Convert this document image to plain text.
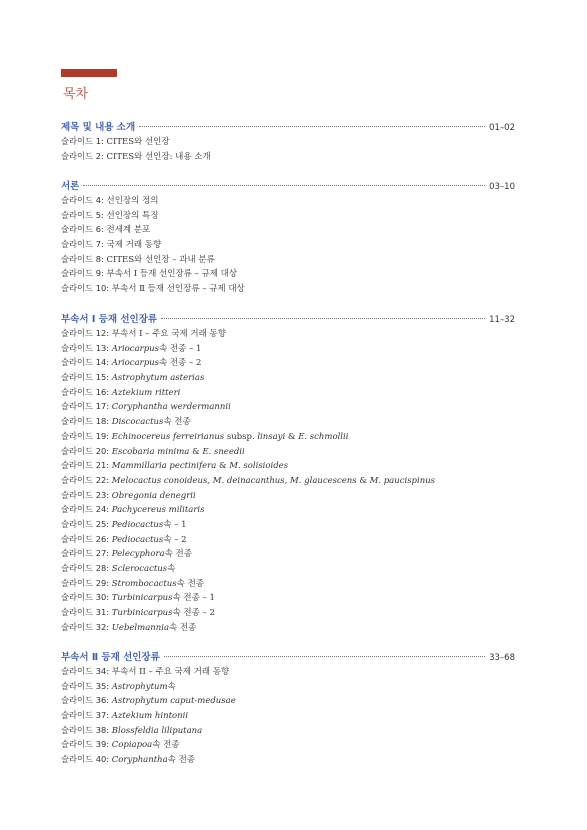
목차
제목 및 내용 소개	01–02
슬라이드 1: CITES와 선인장
슬라이드 2: CITES와 선인장: 내용 소개
서론	03–10
슬라이드 4: 선인장의 정의
슬라이드 5: 선인장의 특징
슬라이드 6: 전세계 분포
슬라이드 7: 국제 거래 동향
슬라이드 8: CITES와 선인장 – 과내 분류
슬라이드 9: 부속서 Ⅰ 등재 선인장류 – 규제 대상
슬라이드 10: 부속서 Ⅱ 등재 선인장류 – 규제 대상
부속서 Ⅰ 등재 선인장류	11–32
슬라이드 12: 부속서 I – 주요 국제 거래 동향
슬라이드 13: Ariocarpus속 전종 – 1
슬라이드 14: Ariocarpus속 전종 – 2
슬라이드 15: Astrophytum asterias
슬라이드 16: Aztekium ritteri
슬라이드 17: Coryphantha werdermannii
슬라이드 18: Discocactus속 전종
슬라이드 19: Echinocereus ferreirianus subsp. linsayi & E. schmollii
슬라이드 20: Escobaria minima & E. sneedii
슬라이드 21: Mammillaria pectinifera & M. solisioides
슬라이드 22: Melocactus conoideus, M. deinacanthus, M. glaucescens & M. paucispinus
슬라이드 23: Obregonia denegrii
슬라이드 24: Pachycereus militaris
슬라이드 25: Pediocactus속 – 1
슬라이드 26: Pediocactus속 – 2
슬라이드 27: Pelecyphora속 전종
슬라이드 28: Sclerocactus속
슬라이드 29: Strombocactus속 전종
슬라이드 30: Turbinicarpus속 전종 – 1
슬라이드 31: Turbinicarpus속 전종 – 2
슬라이드 32: Uebelmannia속 전종
부속서 Ⅱ 등재 선인장류	33–68
슬라이드 34: 부속서 II – 주요 국제 거래 동향
슬라이드 35: Astrophytum속
슬라이드 36: Astrophytum caput-medusae
슬라이드 37: Aztekium hintonii
슬라이드 38: Blossfeldia liliputana
슬라이드 39: Copiapoa속 전종
슬라이드 40: Coryphantha속 전종
